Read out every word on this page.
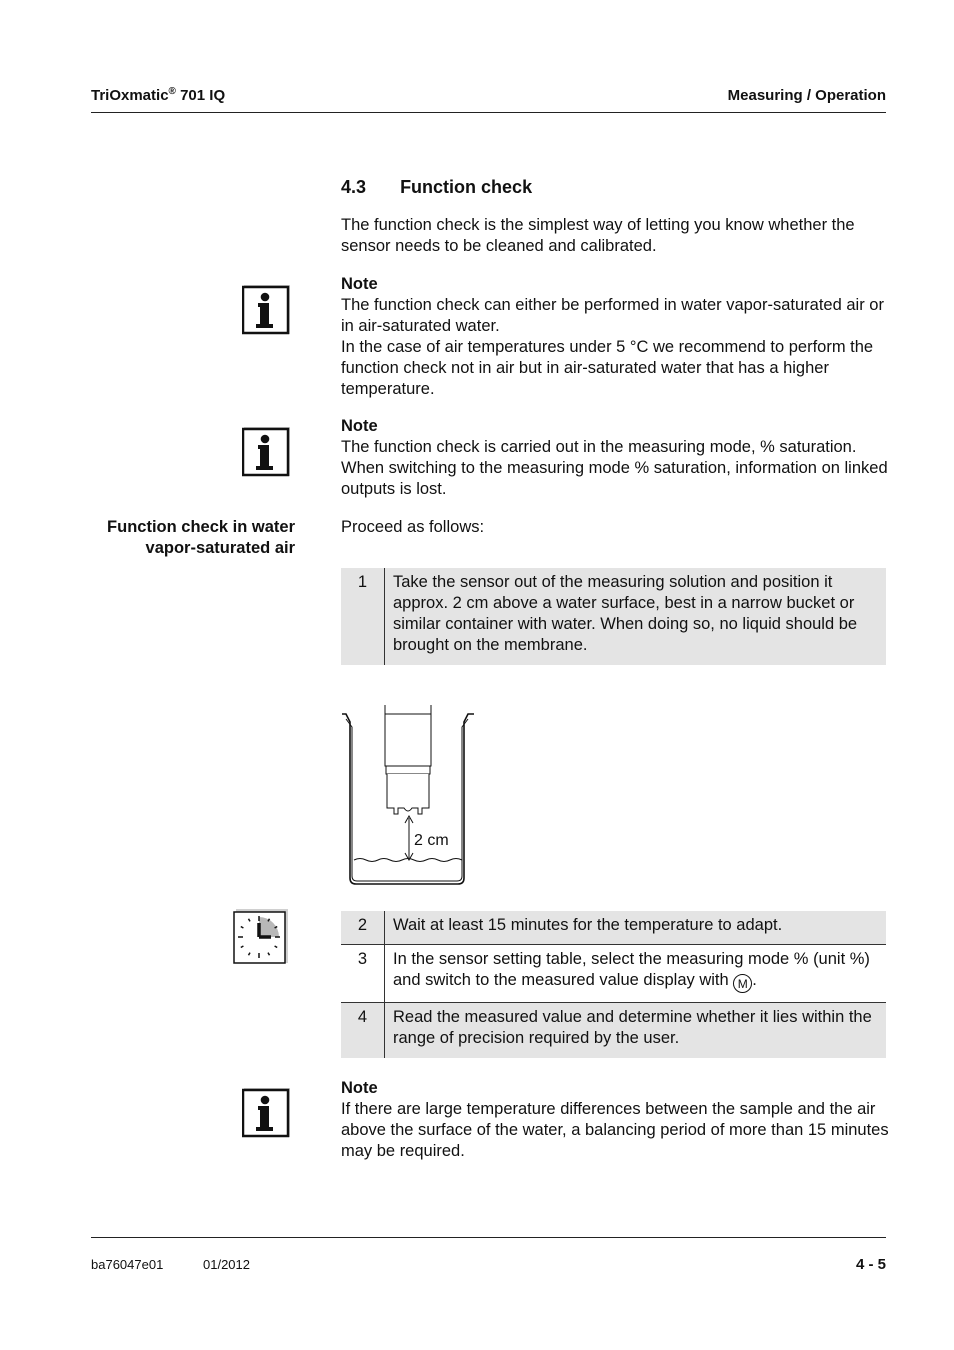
TriOxmatic® 701 IQ	Measuring / Operation
4.3 Function check
The function check is the simplest way of letting you know whether the sensor needs to be cleaned and calibrated.
Note
The function check can either be performed in water vapor-saturated air or in air-saturated water.
In the case of air temperatures under 5 °C we recommend to perform the function check not in air but in air-saturated water that has a higher temperature.
Note
The function check is carried out in the measuring mode, % saturation. When switching to the measuring mode % saturation, information on linked outputs is lost.
Function check in water
vapor-saturated air
Proceed as follows:
1	Take the sensor out of the measuring solution and position it approx. 2 cm above a water surface, best in a narrow bucket or similar container with water. When doing so, no liquid should be brought on the membrane.
2 cm
2	Wait at least 15 minutes for the temperature to adapt.
3	In the sensor setting table, select the measuring mode % (unit %) and switch to the measured value display with M .
4	Read the measured value and determine whether it lies within the range of precision required by the user.
Note
If there are large temperature differences between the sample and the air above the surface of the water, a balancing period of more than 15 minutes may be required.
ba76047e01	01/2012	4 - 5
